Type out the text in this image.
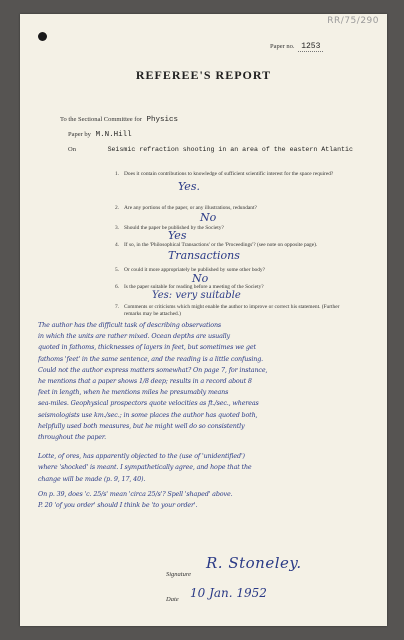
RR/75/290
Paper no. 1253
REFEREE'S REPORT
To the Sectional Committee for Physics
Paper by M.N.Hill
On	Seismic refraction shooting in an area of the eastern Atlantic
1. Does it contain contributions to knowledge of sufficient scientific interest for the space required?
Yes.
2. Are any portions of the paper, or any illustrations, redundant?
No
3. Should the paper be published by the Society?
Yes
4. If so, in the 'Philosophical Transactions' or the 'Proceedings'? (see note on opposite page).
Transactions
5. Or could it more appropriately be published by some other body?
No
6. Is the paper suitable for reading before a meeting of the Society?
Yes: very suitable
7. Comments or criticisms which might enable the author to improve or correct his statement. (Further remarks may be attached.)
The author has the difficult task of describing observations
in which the units are rather mixed. Ocean depths are usually
quoted in fathoms, thicknesses of layers in feet, but sometimes we get
fathoms 'feet' in the same sentence, and the reading is a little confusing.
Could not the author express matters somewhat? On page 7, for instance,
he mentions that a paper shows 1/8 deep; results in a record about 8
feet in length, when he mentions miles he presumably means
sea-miles. Geophysical prospectors quote velocities as ft./sec., whereas
seismologists use km./sec.; in some places the author has quoted both,
helpfully used both measures, but he might well do so consistently
throughout the paper.
Lotte, of ores, has apparently objected to the (use of 'unidentified')
where 'shocked' is meant. I sympathetically agree, and hope that the
change will be made (p. 9, 17, 40).
On p. 39, does 'c. 25/s' mean 'circa 25/s'? Spell 'shaped' above.
P. 20 'of you order' should I think be 'to your order'.
Signature
R. Stoneley.
Date 10 Jan. 1952
